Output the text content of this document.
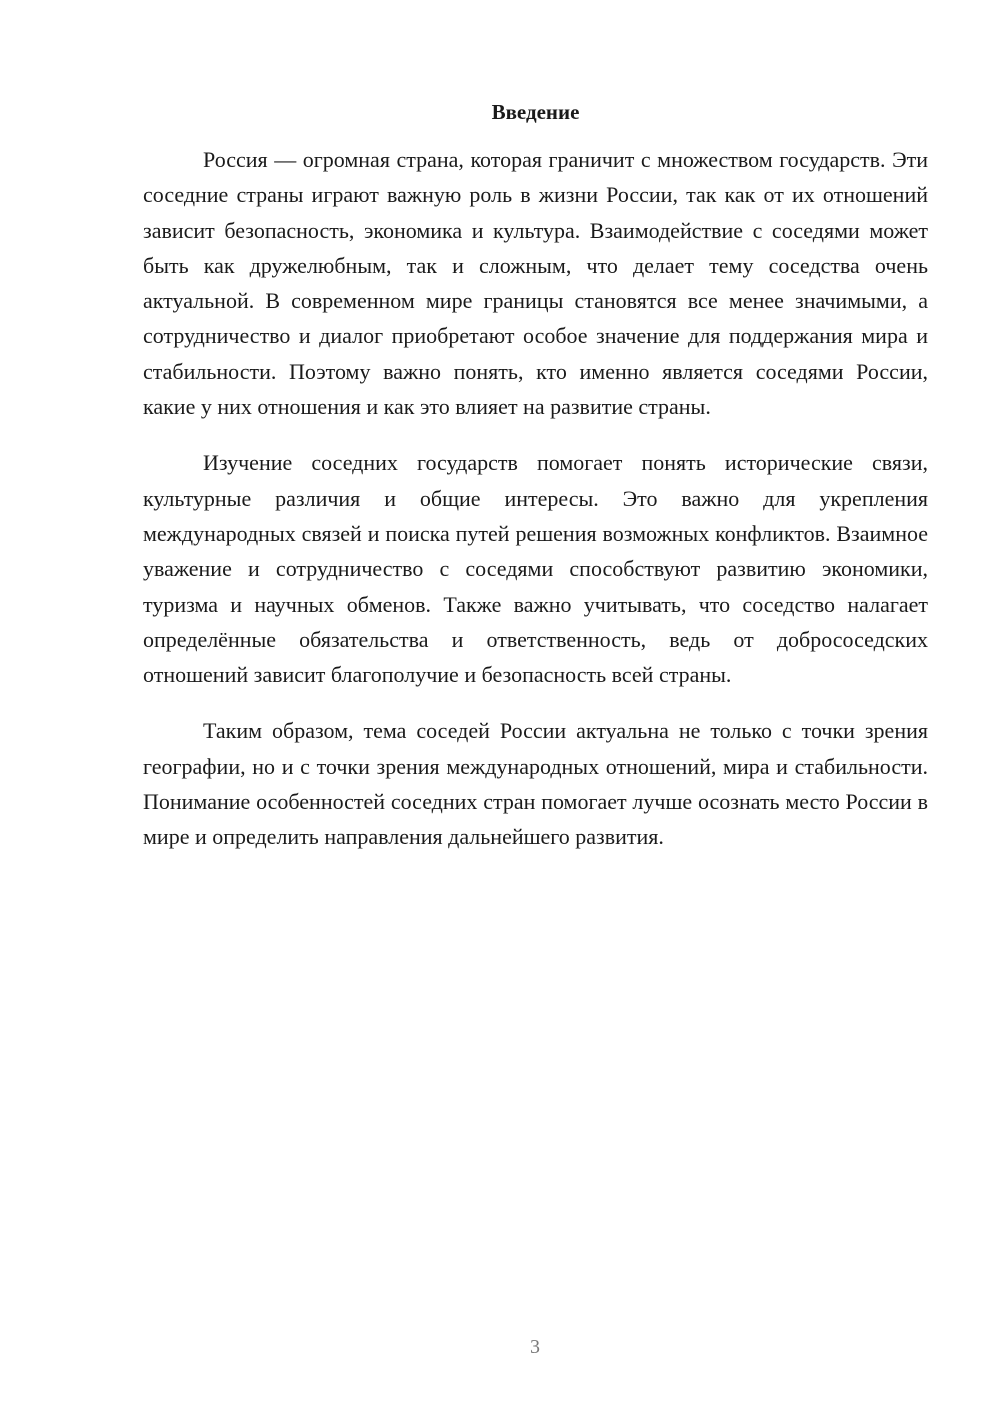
Введение

Россия — огромная страна, которая граничит с множеством государств. Эти соседние страны играют важную роль в жизни России, так как от их отношений зависит безопасность, экономика и культура. Взаимодействие с соседями может быть как дружелюбным, так и сложным, что делает тему соседства очень актуальной. В современном мире границы становятся все менее значимыми, а сотрудничество и диалог приобретают особое значение для поддержания мира и стабильности. Поэтому важно понять, кто именно является соседями России, какие у них отношения и как это влияет на развитие страны.

Изучение соседних государств помогает понять исторические связи, культурные различия и общие интересы. Это важно для укрепления международных связей и поиска путей решения возможных конфликтов. Взаимное уважение и сотрудничество с соседями способствуют развитию экономики, туризма и научных обменов. Также важно учитывать, что соседство налагает определённые обязательства и ответственность, ведь от добрососедских отношений зависит благополучие и безопасность всей страны.

Таким образом, тема соседей России актуальна не только с точки зрения географии, но и с точки зрения международных отношений, мира и стабильности. Понимание особенностей соседних стран помогает лучше осознать место России в мире и определить направления дальнейшего развития.

3
